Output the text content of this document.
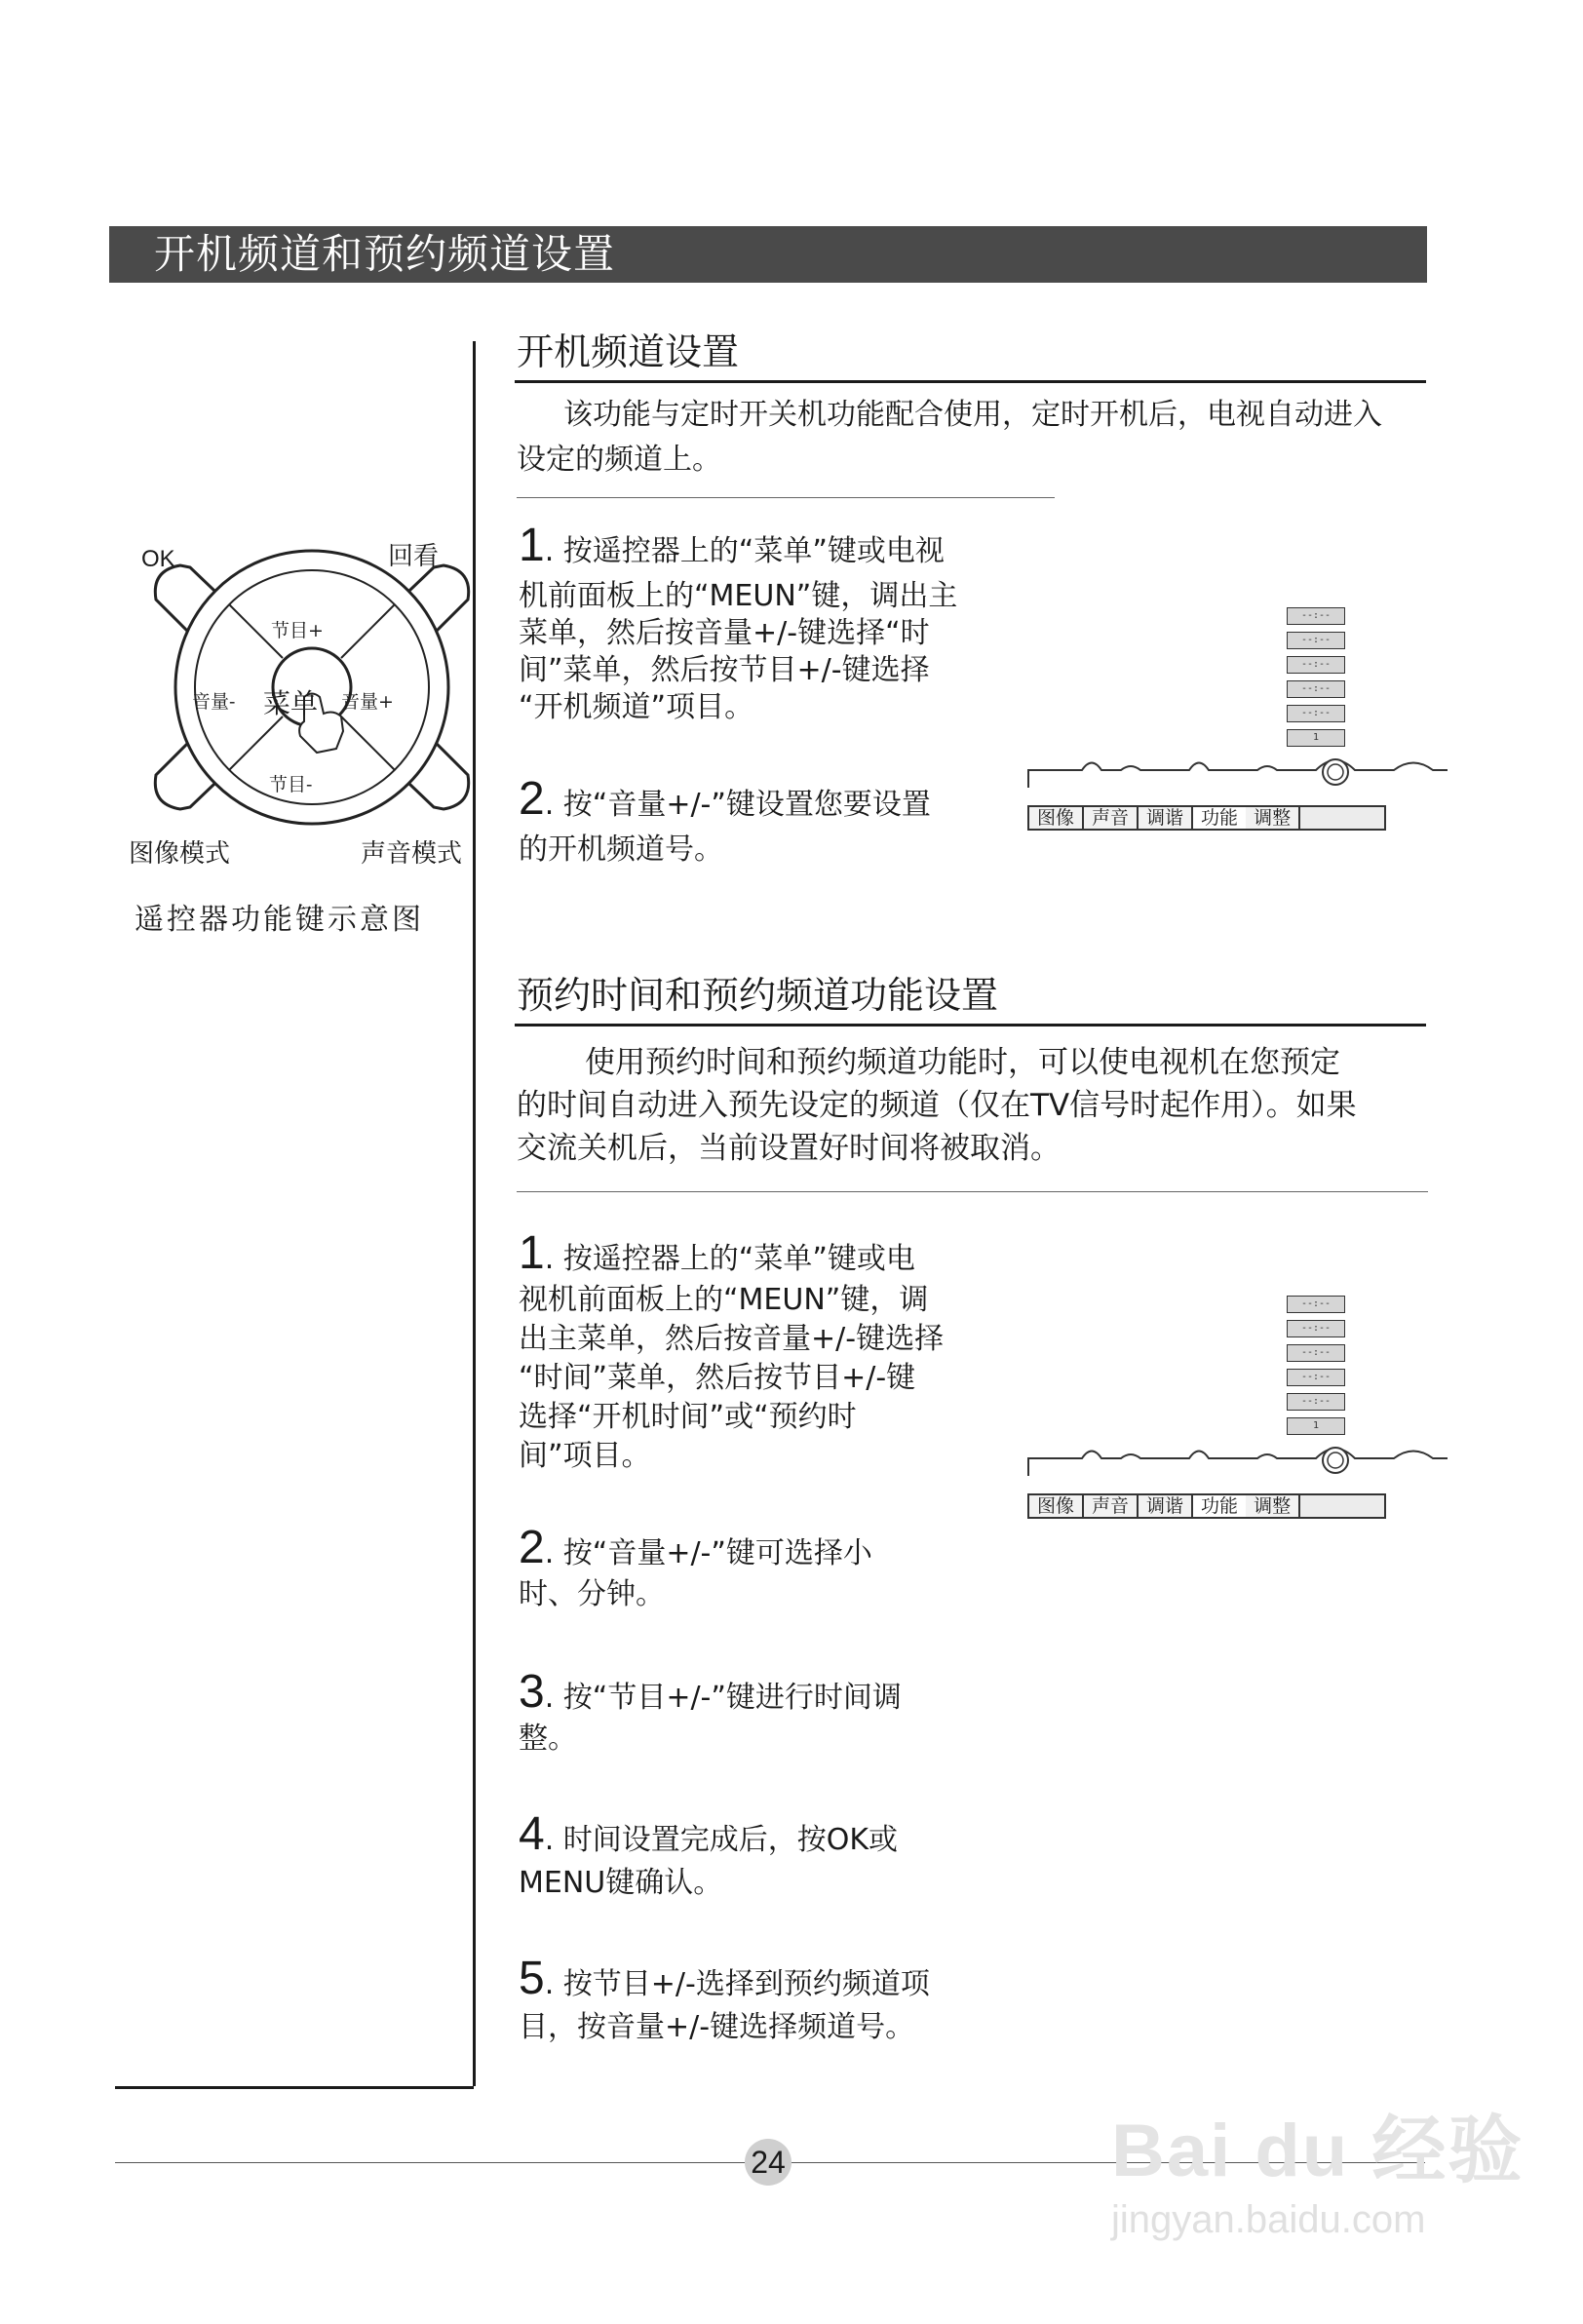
开机频道和预约频道设置
OK	回看
节目+
音量- 菜单 音量+
节目-
图像模式	声音模式
遥控器功能键示意图
开机频道设置
该功能与定时开关机功能配合使用，定时开机后，电视自动进入
设定的频道上。
1. 按遥控器上的“菜单”键或电视
机前面板上的“MEUN”键，调出主
菜单，然后按音量+/-键选择“时
间”菜单，然后按节目+/-键选择
“开机频道”项目。
2. 按“音量+/-”键设置您要设置
的开机频道号。
--:--
--:--
--:--
--:--
--:--
1
图像 声音 调谐 功能 调整
预约时间和预约频道功能设置
使用预约时间和预约频道功能时，可以使电视机在您预定
的时间自动进入预先设定的频道（仅在TV信号时起作用）。如果
交流关机后，当前设置好时间将被取消。
1. 按遥控器上的“菜单”键或电
视机前面板上的“MEUN”键，调
出主菜单，然后按音量+/-键选择
“时间”菜单，然后按节目+/-键
选择“开机时间”或“预约时
间”项目。
--:--
--:--
--:--
--:--
--:--
1
图像 声音 调谐 功能 调整
2. 按“音量+/-”键可选择小
时、分钟。
3. 按“节目+/-”键进行时间调
整。
4. 时间设置完成后，按OK或
MENU键确认。
5. 按节目+/-选择到预约频道项
目，按音量+/-键选择频道号。
24	Bai du 经验
jingyan.baidu.com
